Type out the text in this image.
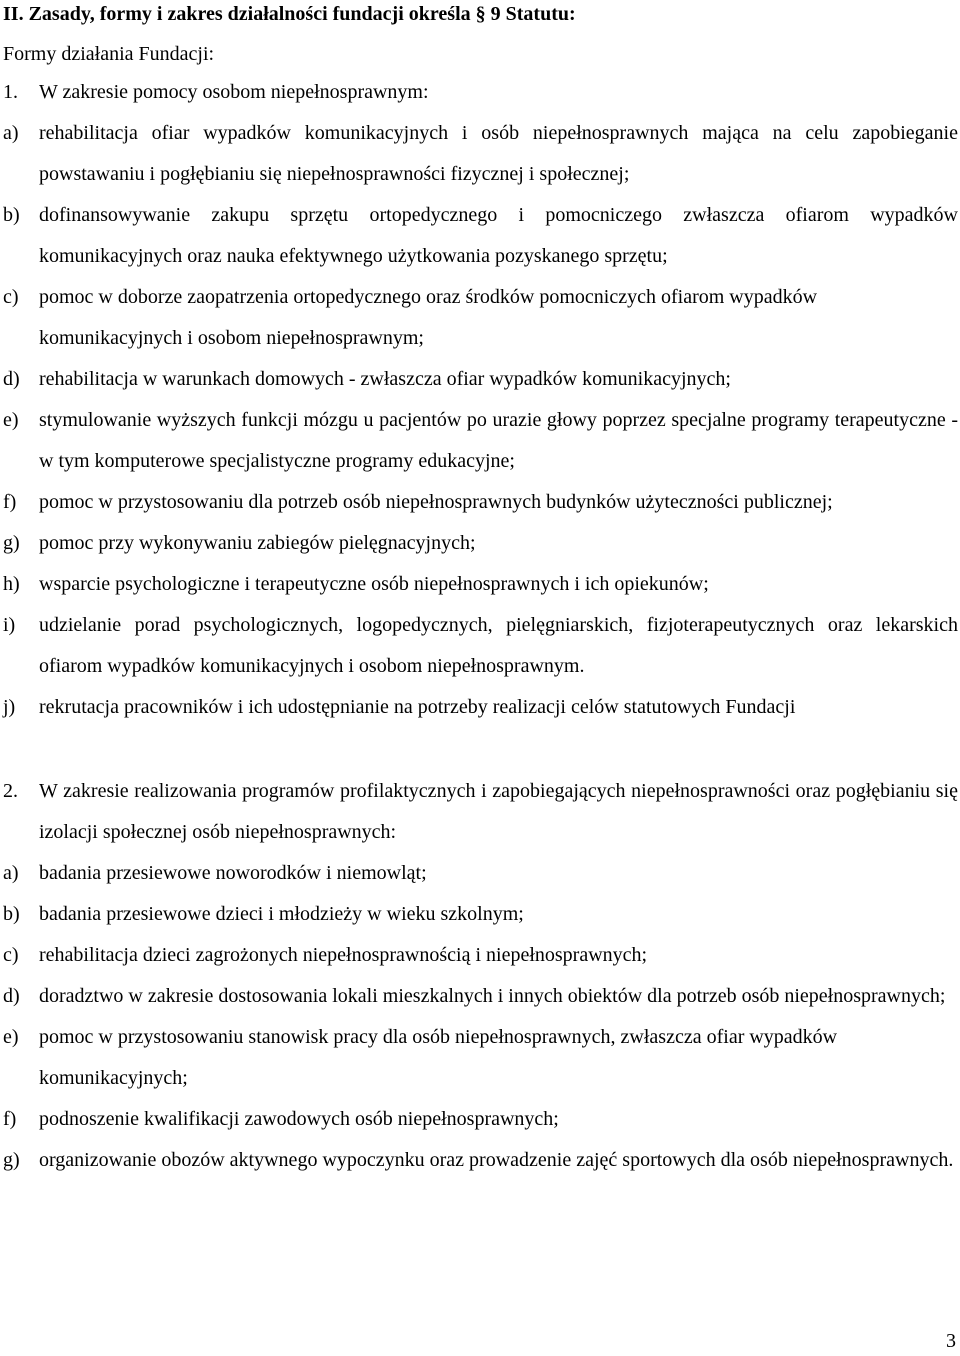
II. Zasady, formy i zakres działalności fundacji określa § 9 Statutu:
Formy działania Fundacji:
1. W zakresie pomocy osobom niepełnosprawnym:
a) rehabilitacja ofiar wypadków komunikacyjnych i osób niepełnosprawnych mająca na celu zapobieganie powstawaniu i pogłębianiu się niepełnosprawności fizycznej i społecznej;
b) dofinansowywanie zakupu sprzętu ortopedycznego i pomocniczego zwłaszcza ofiarom wypadków komunikacyjnych oraz nauka efektywnego użytkowania pozyskanego sprzętu;
c) pomoc w doborze zaopatrzenia ortopedycznego oraz środków pomocniczych ofiarom wypadków komunikacyjnych i osobom niepełnosprawnym;
d) rehabilitacja w warunkach domowych - zwłaszcza ofiar wypadków komunikacyjnych;
e) stymulowanie wyższych funkcji mózgu u pacjentów po urazie głowy poprzez specjalne programy terapeutyczne - w tym komputerowe specjalistyczne programy edukacyjne;
f) pomoc w przystosowaniu dla potrzeb osób niepełnosprawnych budynków użyteczności publicznej;
g) pomoc przy wykonywaniu zabiegów pielęgnacyjnych;
h) wsparcie psychologiczne i terapeutyczne osób niepełnosprawnych i ich opiekunów;
i) udzielanie porad psychologicznych, logopedycznych, pielęgniarskich, fizjoterapeutycznych oraz lekarskich ofiarom wypadków komunikacyjnych i osobom niepełnosprawnym.
j) rekrutacja pracowników i ich udostępnianie na potrzeby realizacji celów statutowych Fundacji
2. W zakresie realizowania programów profilaktycznych i zapobiegających niepełnosprawności oraz pogłębianiu się izolacji społecznej osób niepełnosprawnych:
a) badania przesiewowe noworodków i niemowląt;
b) badania przesiewowe dzieci i młodzieży w wieku szkolnym;
c) rehabilitacja dzieci zagrożonych niepełnosprawnością i niepełnosprawnych;
d) doradztwo w zakresie dostosowania lokali mieszkalnych i innych obiektów dla potrzeb osób niepełnosprawnych;
e) pomoc w przystosowaniu stanowisk pracy dla osób niepełnosprawnych, zwłaszcza ofiar wypadków komunikacyjnych;
f) podnoszenie kwalifikacji zawodowych osób niepełnosprawnych;
g) organizowanie obozów aktywnego wypoczynku oraz prowadzenie zajęć sportowych dla osób niepełnosprawnych.
3
